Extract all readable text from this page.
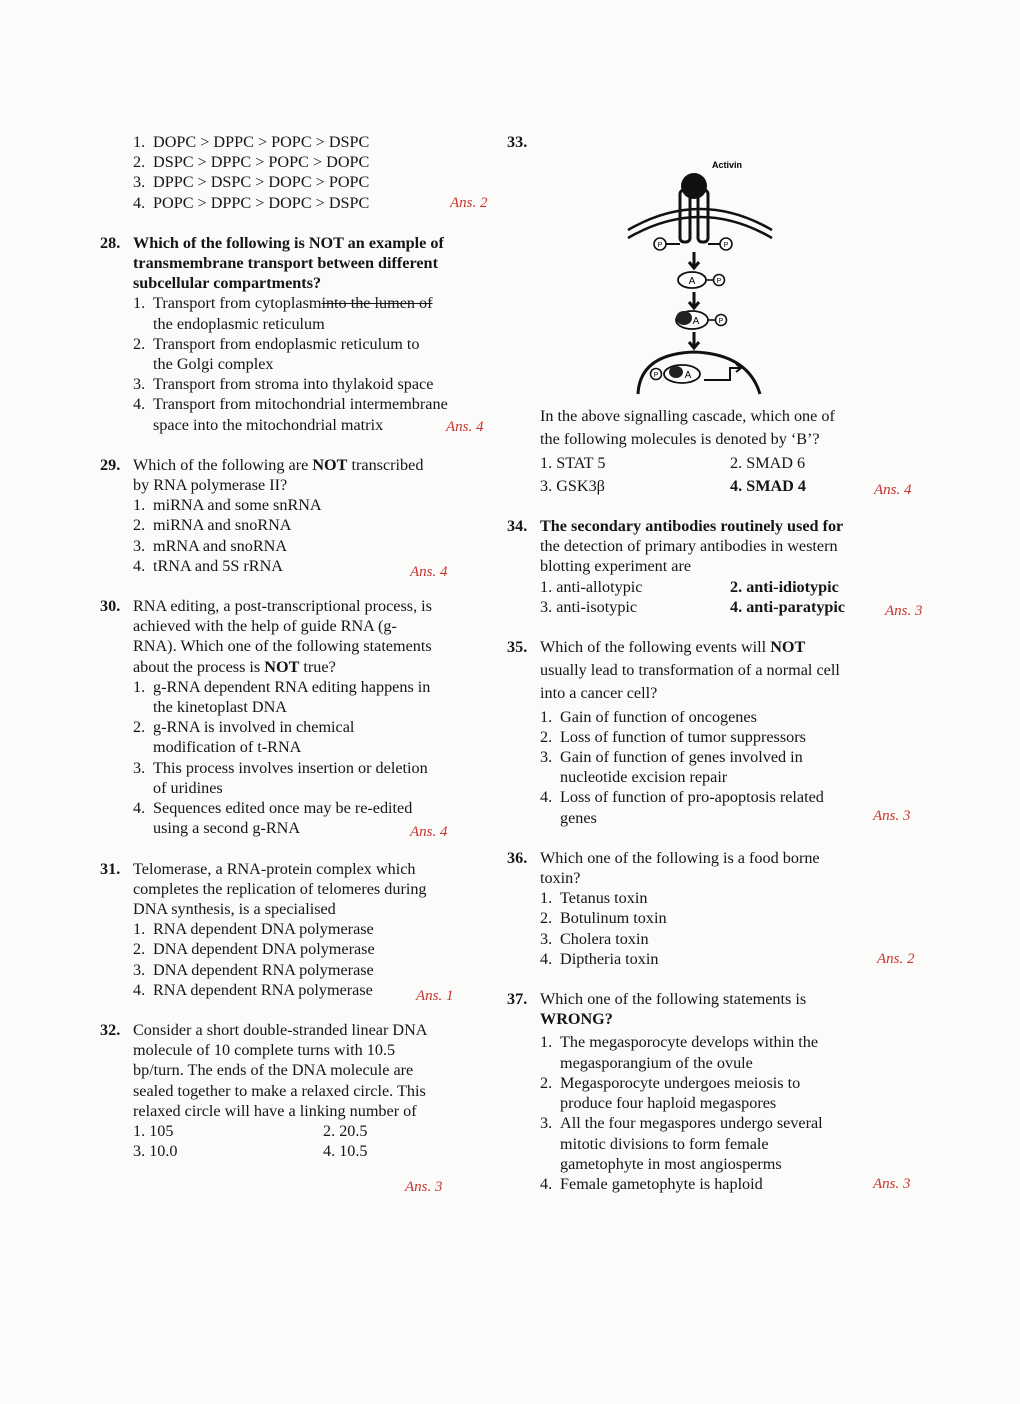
1. DOPC > DPPC > POPC > DSPC
2. DSPC > DPPC > POPC > DOPC
3. DPPC > DSPC > DOPC > POPC
4. POPC > DPPC > DOPC > DSPC	Ans. 2
28. Which of the following is NOT an example of
transmembrane transport between different
subcellular compartments?
1. Transport from cytoplasm into the lumen of
the endoplasmic reticulum
2. Transport from endoplasmic reticulum to
the Golgi complex
3. Transport from stroma into thylakoid space
4. Transport from mitochondrial intermembrane
space into the mitochondrial matrix	Ans. 4
29. Which of the following are NOT transcribed
by RNA polymerase II?
1. miRNA and some snRNA
2. miRNA and snoRNA
3. mRNA and snoRNA
4. tRNA and 5S rRNA	Ans. 4
30. RNA editing, a post-transcriptional process, is
achieved with the help of guide RNA (g-
RNA). Which one of the following statements
about the process is NOT true?
1. g-RNA dependent RNA editing happens in
the kinetoplast DNA
2. g-RNA is involved in chemical
modification of t-RNA
3. This process involves insertion or deletion
of uridines
4. Sequences edited once may be re-edited
using a second g-RNA	Ans. 4
31. Telomerase, a RNA-protein complex which
completes the replication of telomeres during
DNA synthesis, is a specialised
1. RNA dependent DNA polymerase
2. DNA dependent DNA polymerase
3. DNA dependent RNA polymerase
4. RNA dependent RNA polymerase	Ans. 1
32. Consider a short double-stranded linear DNA
molecule of 10 complete turns with 10.5
bp/turn. The ends of the DNA molecule are
sealed together to make a relaxed circle. This
relaxed circle will have a linking number of
1. 105	2. 20.5
3. 10.0	4. 10.5
Ans. 3
33.
In the above signalling cascade, which one of
the following molecules is denoted by ‘B’?
1. STAT 5	2. SMAD 6
3. GSK3β	4. SMAD 4	Ans. 4
34. The secondary antibodies routinely used for
the detection of primary antibodies in western
blotting experiment are
1. anti-allotypic	2. anti-idiotypic
3. anti-isotypic	4. anti-paratypic	Ans. 3
35. Which of the following events will NOT
usually lead to transformation of a normal cell
into a cancer cell?
1. Gain of function of oncogenes
2. Loss of function of tumor suppressors
3. Gain of function of genes involved in
nucleotide excision repair
4. Loss of function of pro-apoptosis related
genes	Ans. 3
36. Which one of the following is a food borne
toxin?
1. Tetanus toxin
2. Botulinum toxin
3. Cholera toxin
4. Diptheria toxin	Ans. 2
37. Which one of the following statements is
WRONG?
1. The megasporocyte develops within the
megasporangium of the ovule
2. Megasporocyte undergoes meiosis to
produce four haploid megaspores
3. All the four megaspores undergo several
mitotic divisions to form female
gametophyte in most angiosperms
4. Female gametophyte is haploid	Ans. 3
Activin
P	P
A	P
A	P
P	A
